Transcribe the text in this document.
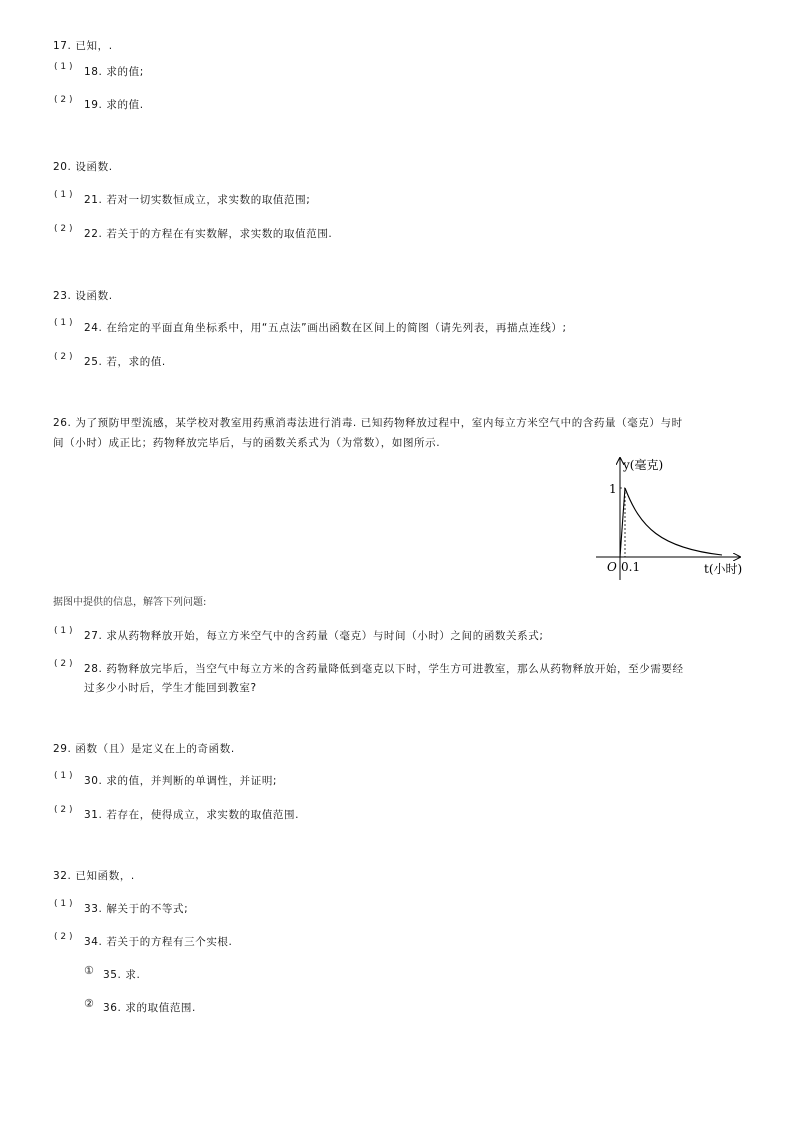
17. 已知，.
( 1 ) 18. 求的值;
( 2 ) 19. 求的值.
20. 设函数.
( 1 ) 21. 若对一切实数恒成立，求实数的取值范围;
( 2 ) 22. 若关于的方程在有实数解，求实数的取值范围.
23. 设函数.
( 1 ) 24. 在给定的平面直角坐标系中，用“五点法”画出函数在区间上的简图（请先列表，再描点连线）;
( 2 ) 25. 若，求的值.
26. 为了预防甲型流感，某学校对教室用药熏消毒法进行消毒. 已知药物释放过程中，室内每立方米空气中的含药量（毫克）与时
间（小时）成正比；药物释放完毕后，与的函数关系式为（为常数），如图所示.
y(毫克)
1
O 0.1	t(小时)
据图中提供的信息，解答下列问题:
( 1 ) 27. 求从药物释放开始，每立方米空气中的含药量（毫克）与时间（小时）之间的函数关系式;
( 2 ) 28. 药物释放完毕后，当空气中每立方米的含药量降低到毫克以下时，学生方可进教室，那么从药物释放开始，至少需要经
过多少小时后，学生才能回到教室?
29. 函数（且）是定义在上的奇函数.
( 1 ) 30. 求的值，并判断的单调性，并证明;
( 2 ) 31. 若存在，使得成立，求实数的取值范围.
32. 已知函数，.
( 1 ) 33. 解关于的不等式;
( 2 ) 34. 若关于的方程有三个实根.
① 35. 求.
② 36. 求的取值范围.
